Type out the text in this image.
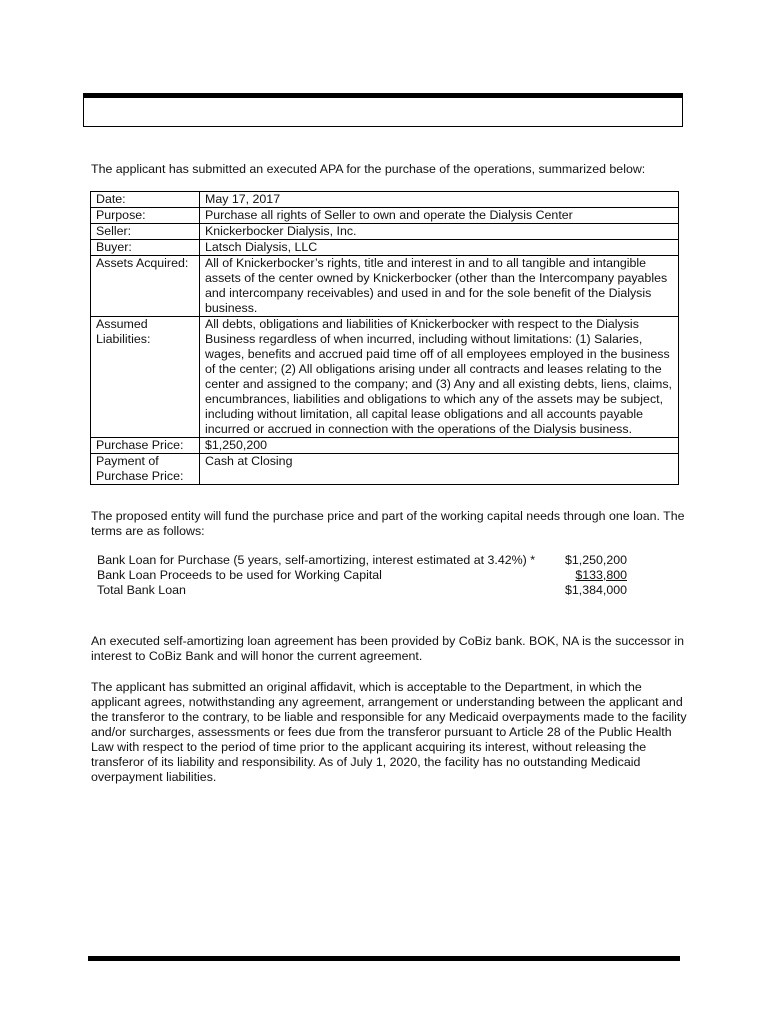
The applicant has submitted an executed APA for the purchase of the operations, summarized below:

Date:	May 17, 2017
Purpose:	Purchase all rights of Seller to own and operate the Dialysis Center
Seller:	Knickerbocker Dialysis, Inc.
Buyer:	Latsch Dialysis, LLC
Assets Acquired:	All of Knickerbocker’s rights, title and interest in and to all tangible and intangible assets of the center owned by Knickerbocker (other than the Intercompany payables and intercompany receivables) and used in and for the sole benefit of the Dialysis business.
Assumed Liabilities:	All debts, obligations and liabilities of Knickerbocker with respect to the Dialysis Business regardless of when incurred, including without limitations: (1) Salaries, wages, benefits and accrued paid time off of all employees employed in the business of the center; (2) All obligations arising under all contracts and leases relating to the center and assigned to the company; and (3) Any and all existing debts, liens, claims, encumbrances, liabilities and obligations to which any of the assets may be subject, including without limitation, all capital lease obligations and all accounts payable incurred or accrued in connection with the operations of the Dialysis business.
Purchase Price:	$1,250,200
Payment of Purchase Price:	Cash at Closing

The proposed entity will fund the purchase price and part of the working capital needs through one loan. The terms are as follows:

Bank Loan for Purchase (5 years, self-amortizing, interest estimated at 3.42%) * $1,250,200
Bank Loan Proceeds to be used for Working Capital	$133,800
Total Bank Loan	$1,384,000

An executed self-amortizing loan agreement has been provided by CoBiz bank. BOK, NA is the successor in interest to CoBiz Bank and will honor the current agreement.

The applicant has submitted an original affidavit, which is acceptable to the Department, in which the applicant agrees, notwithstanding any agreement, arrangement or understanding between the applicant and the transferor to the contrary, to be liable and responsible for any Medicaid overpayments made to the facility and/or surcharges, assessments or fees due from the transferor pursuant to Article 28 of the Public Health Law with respect to the period of time prior to the applicant acquiring its interest, without releasing the transferor of its liability and responsibility. As of July 1, 2020, the facility has no outstanding Medicaid overpayment liabilities.
